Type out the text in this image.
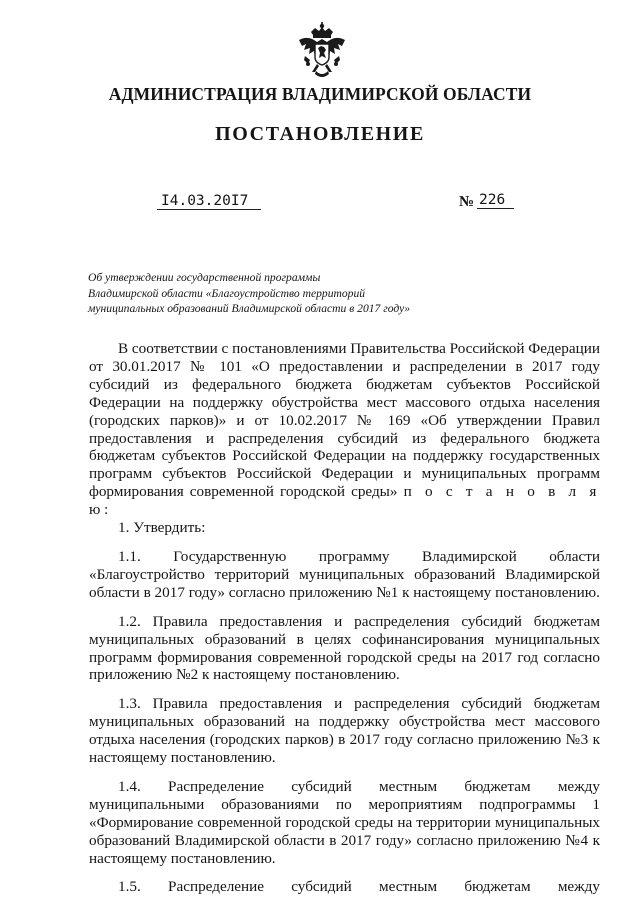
АДМИНИСТРАЦИЯ ВЛАДИМИРСКОЙ ОБЛАСТИ
ПОСТАНОВЛЕНИЕ
I4.03.20I7	№ 226
Об утверждении государственной программы
Владимирской области «Благоустройство территорий
муниципальных образований Владимирской области в 2017 году»
В соответствии с постановлениями Правительства Российской Федерации от 30.01.2017 № 101 «О предоставлении и распределении в 2017 году субсидий из федерального бюджета бюджетам субъектов Российской Федерации на поддержку обустройства мест массового отдыха населения (городских парков)» и от 10.02.2017 № 169 «Об утверждении Правил предоставления и распределения субсидий из федерального бюджета бюджетам субъектов Российской Федерации на поддержку государственных программ субъектов Российской Федерации и муниципальных программ формирования современной городской среды» п о с т а н о в л я ю:
1. Утвердить:
1.1. Государственную программу Владимирской области «Благоустройство территорий муниципальных образований Владимирской области в 2017 году» согласно приложению №1 к настоящему постановлению.
1.2. Правила предоставления и распределения субсидий бюджетам муниципальных образований в целях софинансирования муниципальных программ формирования современной городской среды на 2017 год согласно приложению №2 к настоящему постановлению.
1.3. Правила предоставления и распределения субсидий бюджетам муниципальных образований на поддержку обустройства мест массового отдыха населения (городских парков) в 2017 году согласно приложению №3 к настоящему постановлению.
1.4. Распределение субсидий местным бюджетам между муниципальными образованиями по мероприятиям подпрограммы 1 «Формирование современной городской среды на территории муниципальных образований Владимирской области в 2017 году» согласно приложению №4 к настоящему постановлению.
1.5. Распределение субсидий местным бюджетам между
